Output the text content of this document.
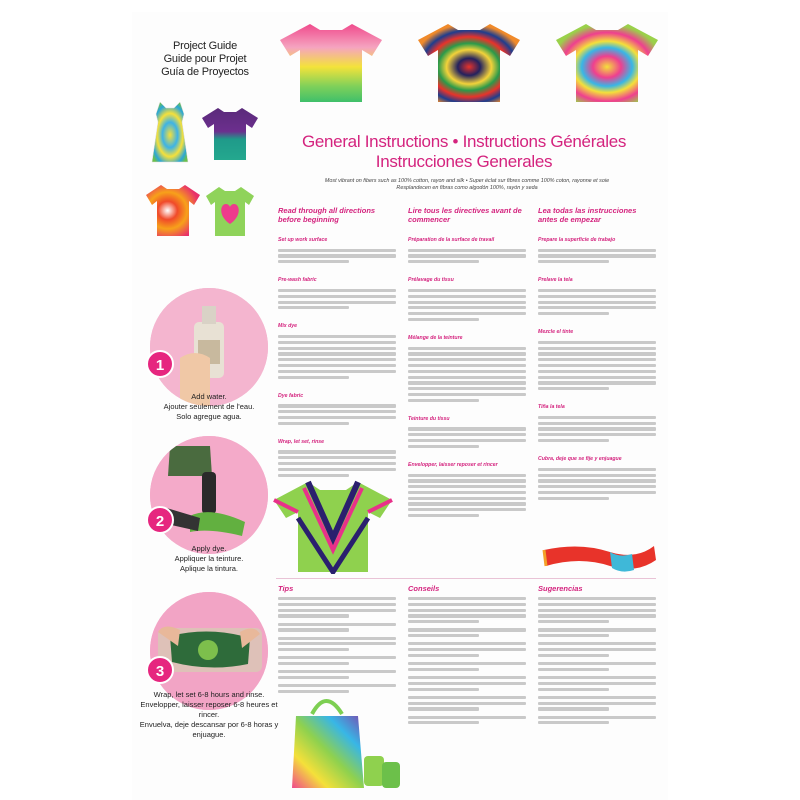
Project Guide
Guide pour Projet
Guía de Proyectos
1
Add water.
Ajouter seulement de l'eau.
Solo agregue agua.
2
Apply dye.
Appliquer la teinture.
Aplique la tintura.
3
Wrap, let set 6-8 hours and rinse.
Envelopper, laisser reposer 6-8 heures et rincer.
Envuelva, deje descansar por 6-8 horas y enjuague.
General Instructions • Instructions Générales
Instrucciones Generales
Most vibrant on fibers such as 100% cotton, rayon and silk • Super éclat sur fibres comme 100% coton, rayonne et soie
Resplandecen en fibras como algodón 100%, rayón y seda
Read through all directions before beginning
Set up work surface
Pre-wash fabric
Mix dye
Dye fabric
Wrap, let set, rinse
Lire tous les directives avant de commencer
Préparation de la surface de travail
Prélavage du tissu
Mélange de la teinture
Teinture du tissu
Envelopper, laisser reposer et rincer
Lea todas las instrucciones antes de empezar
Prepare la superficie de trabajo
Prelave la tela
Mezcle el tinte
Tiña la tela
Cubra, deje que se fije y enjuague
Tips	Conseils	Sugerencias
